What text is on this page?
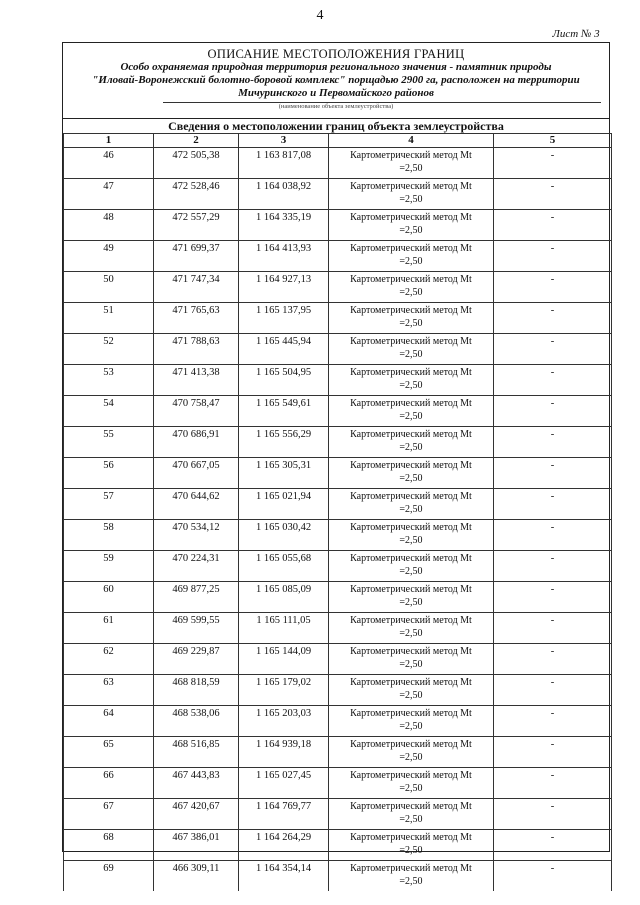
4
Лист № 3
ОПИСАНИЕ МЕСТОПОЛОЖЕНИЯ ГРАНИЦ
Особо охраняемая природная территория регионального значения - памятник природы
"Иловай-Воронежский болотно-боровой комплекс" порщадью 2900 га, расположен на территории
Мичуринского и Первомайского районов
(наименование объекта землеустройства)
Сведения о местоположении границ объекта землеустройства
1	2	3	4	5
46	472 505,38	1 163 817,08	Картометрический метод Mt
=2,50	-
47	472 528,46	1 164 038,92	Картометрический метод Mt
=2,50	-
48	472 557,29	1 164 335,19	Картометрический метод Mt
=2,50	-
49	471 699,37	1 164 413,93	Картометрический метод Mt
=2,50	-
50	471 747,34	1 164 927,13	Картометрический метод Mt
=2,50	-
51	471 765,63	1 165 137,95	Картометрический метод Mt
=2,50	-
52	471 788,63	1 165 445,94	Картометрический метод Mt
=2,50	-
53	471 413,38	1 165 504,95	Картометрический метод Mt
=2,50	-
54	470 758,47	1 165 549,61	Картометрический метод Mt
=2,50	-
55	470 686,91	1 165 556,29	Картометрический метод Mt
=2,50	-
56	470 667,05	1 165 305,31	Картометрический метод Mt
=2,50	-
57	470 644,62	1 165 021,94	Картометрический метод Mt
=2,50	-
58	470 534,12	1 165 030,42	Картометрический метод Mt
=2,50	-
59	470 224,31	1 165 055,68	Картометрический метод Mt
=2,50	-
60	469 877,25	1 165 085,09	Картометрический метод Mt
=2,50	-
61	469 599,55	1 165 111,05	Картометрический метод Mt
=2,50	-
62	469 229,87	1 165 144,09	Картометрический метод Mt
=2,50	-
63	468 818,59	1 165 179,02	Картометрический метод Mt
=2,50	-
64	468 538,06	1 165 203,03	Картометрический метод Mt
=2,50	-
65	468 516,85	1 164 939,18	Картометрический метод Mt
=2,50	-
66	467 443,83	1 165 027,45	Картометрический метод Mt
=2,50	-
67	467 420,67	1 164 769,77	Картометрический метод Mt
=2,50	-
68	467 386,01	1 164 264,29	Картометрический метод Mt
=2,50	-
69	466 309,11	1 164 354,14	Картометрический метод Mt
=2,50	-
